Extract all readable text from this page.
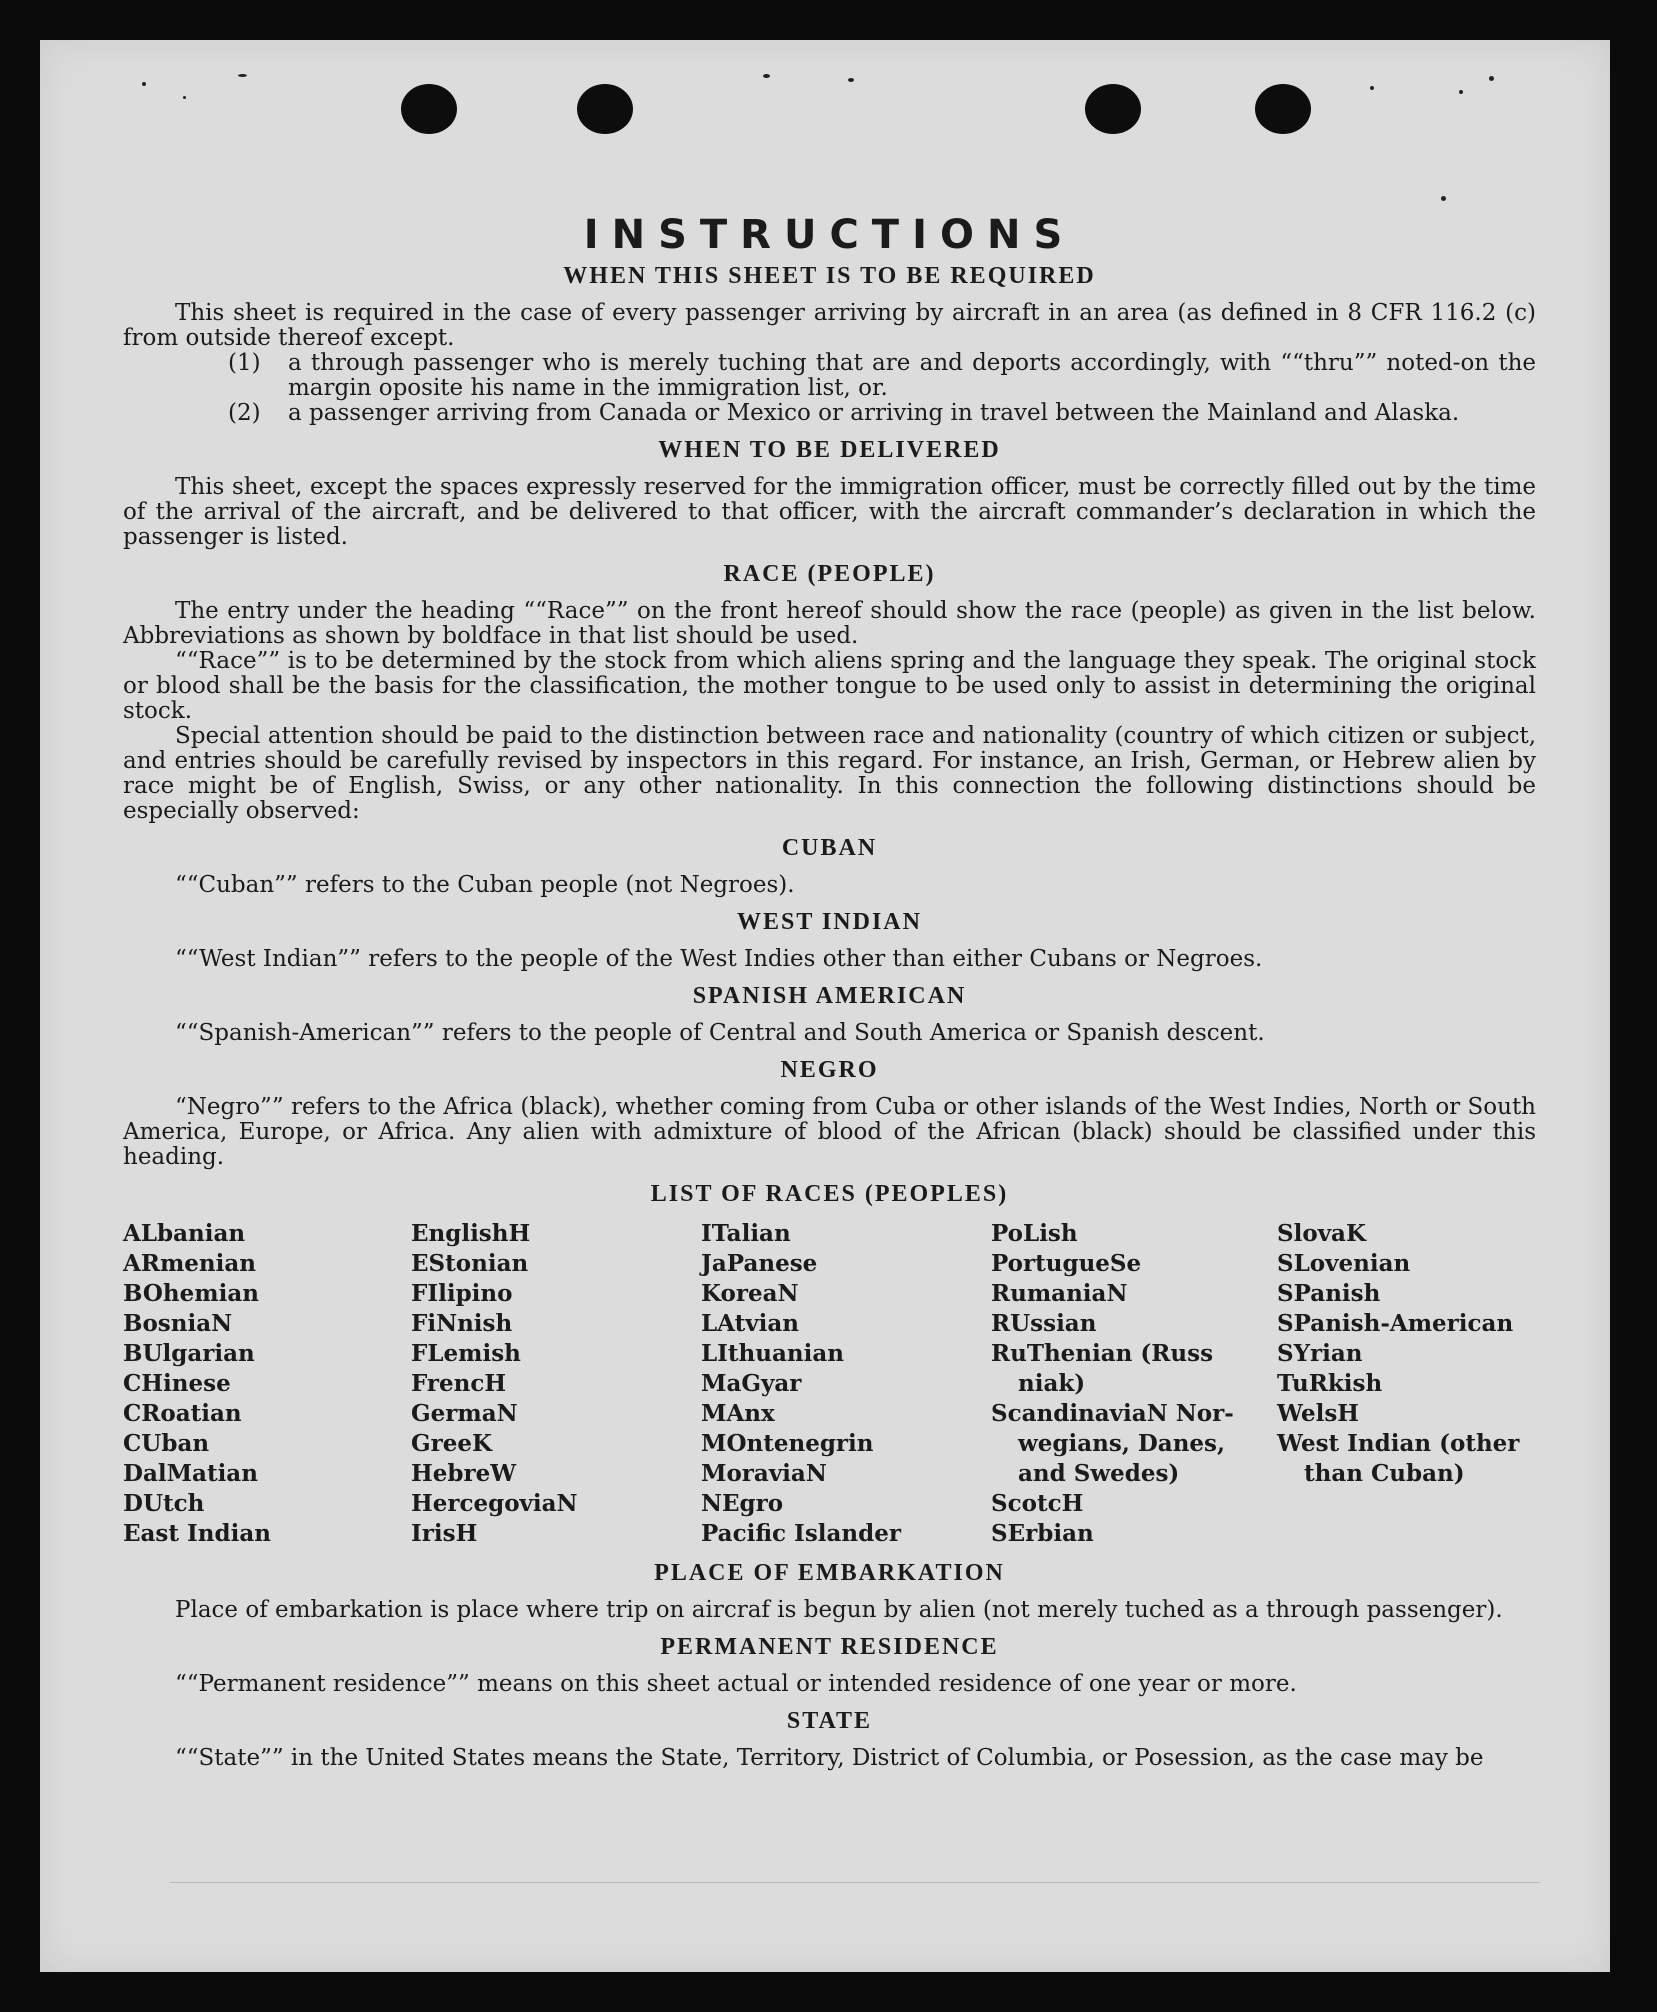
INSTRUCTIONS
WHEN THIS SHEET IS TO BE REQUIRED

This sheet is required in the case of every passenger arriving by aircraft in an area (as defined in 8 CFR 116.2 (c) from outside thereof except.

(1)	a through passenger who is merely tuching that are and deports accordingly, with ““thru”” noted-on the margin oposite his name in the immigration list, or.
(2)	a passenger arriving from Canada or Mexico or arriving in travel between the Mainland and Alaska.
WHEN TO BE DELIVERED

This sheet, except the spaces expressly reserved for the immigration officer, must be correctly filled out by the time of the arrival of the aircraft, and be delivered to that officer, with the aircraft commander’s declaration in which the passenger is listed.

RACE (PEOPLE)

The entry under the heading ““Race”” on the front hereof should show the race (people) as given in the list below. Abbreviations as shown by boldface in that list should be used.

““Race”” is to be determined by the stock from which aliens spring and the language they speak. The original stock or blood shall be the basis for the classification, the mother tongue to be used only to assist in determining the original stock.

Special attention should be paid to the distinction between race and nationality (country of which citizen or subject, and entries should be carefully revised by inspectors in this regard. For instance, an Irish, German, or Hebrew alien by race might be of English, Swiss, or any other nationality. In this connection the following distinctions should be especially observed:

CUBAN

““Cuban”” refers to the Cuban people (not Negroes).

WEST INDIAN

““West Indian”” refers to the people of the West Indies other than either Cubans or Negroes.

SPANISH AMERICAN

““Spanish-American”” refers to the people of Central and South America or Spanish descent.

NEGRO

“Negro”” refers to the Africa (black), whether coming from Cuba or other islands of the West Indies, North or South America, Europe, or Africa. Any alien with admixture of blood of the African (black) should be classified under this heading.

LIST OF RACES (PEOPLES)
ALbanian
ARmenian
BOhemian
BosniaN
BUlgarian
CHinese
CRoatian
CUban
DalMatian
DUtch
East Indian
EnglishH
EStonian
FIlipino
FiNnish
FLemish
FrencH
GermaN
GreeK
HebreW
HercegoviaN
IrisH
ITalian
JaPanese
KoreaN
LAtvian
LIthuanian
MaGyar
MAnx
MOntenegrin
MoraviaN
NEgro
Pacific Islander
PoLish
PortugueSe
RumaniaN
RUssian
RuThenian (Russ
niak)
ScandinaviaN Nor-
wegians, Danes,
and Swedes)
ScotcH
SErbian
SlovaK
SLovenian
SPanish
SPanish-American
SYrian
TuRkish
WelsH
West Indian (other
than Cuban)
PLACE OF EMBARKATION

Place of embarkation is place where trip on aircraf is begun by alien (not merely tuched as a through passenger).

PERMANENT RESIDENCE

““Permanent residence”” means on this sheet actual or intended residence of one year or more.

STATE

““State”” in the United States means the State, Territory, District of Columbia, or Posession, as the case may be
